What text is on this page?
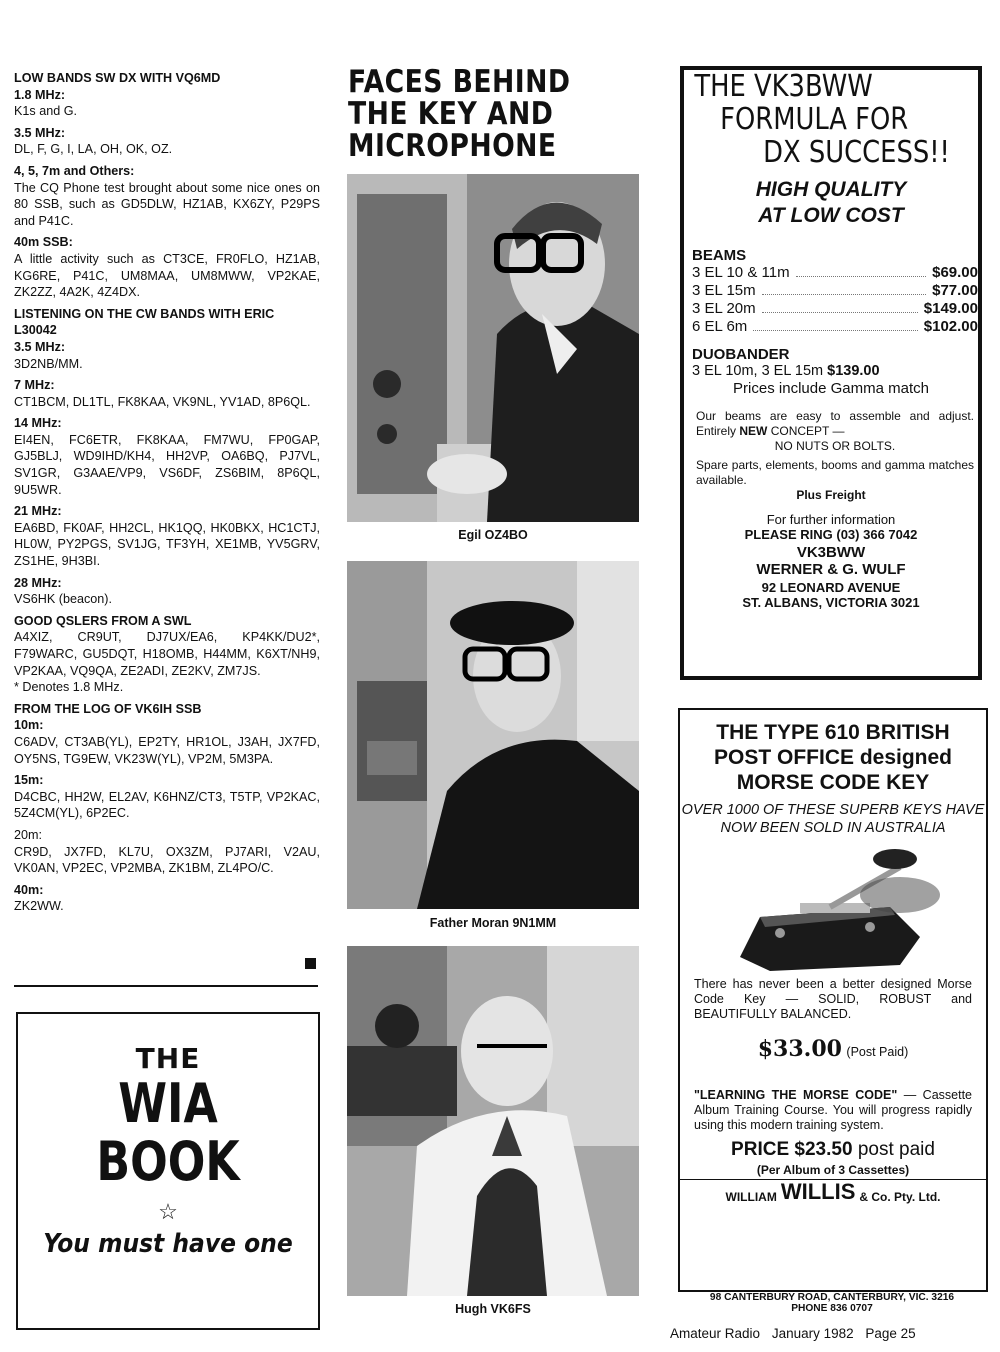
LOW BANDS SW DX WITH VQ6MD
1.8 MHz:
K1s and G.
3.5 MHz:
DL, F, G, I, LA, OH, OK, OZ.
4, 5, 7m and Others:
The CQ Phone test brought about some nice ones on 80 SSB, such as GD5DLW, HZ1AB, KX6ZY, P29PS and P41C.
40m SSB:
A little activity such as CT3CE, FR0FLO, HZ1AB, KG6RE, P41C, UM8MAA, UM8MWW, VP2KAE, ZK2ZZ, 4A2K, 4Z4DX.
LISTENING ON THE CW BANDS WITH ERIC L30042
3.5 MHz:
3D2NB/MM.
7 MHz:
CT1BCM, DL1TL, FK8KAA, VK9NL, YV1AD, 8P6QL.
14 MHz:
EI4EN, FC6ETR, FK8KAA, FM7WU, FP0GAP, GJ5BLJ, WD9IHD/KH4, HH2VP, OA6BQ, PJ7VL, SV1GR, G3AAE/VP9, VS6DF, ZS6BIM, 8P6QL, 9U5WR.
21 MHz:
EA6BD, FK0AF, HH2CL, HK1QQ, HK0BKX, HC1CTJ, HL0W, PY2PGS, SV1JG, TF3YH, XE1MB, YV5GRV, ZS1HE, 9H3BI.
28 MHz:
VS6HK (beacon).
GOOD QSLERS FROM A SWL
A4XIZ, CR9UT, DJ7UX/EA6, KP4KK/DU2*, F79WARC, GU5DQT, H18OMB, H44MM, K6XT/NH9, VP2KAA, VQ9QA, ZE2ADI, ZE2KV, ZM7JS.
* Denotes 1.8 MHz.
FROM THE LOG OF VK6IH SSB
10m:
C6ADV, CT3AB(YL), EP2TY, HR1OL, J3AH, JX7FD, OY5NS, TG9EW, VK23W(YL), VP2M, 5M3PA.
15m:
D4CBC, HH2W, EL2AV, K6HNZ/CT3, T5TP, VP2KAC, 5Z4CM(YL), 6P2EC.
20m:
CR9D, JX7FD, KL7U, OX3ZM, PJ7ARI, V2AU, VK0AN, VP2EC, VP2MBA, ZK1BM, ZL4PO/C.
40m:
ZK2WW.
THE
WIA
BOOK
☆
You must have one
FACES BEHIND
THE KEY AND
MICROPHONE
Egil OZ4BO
Father Moran 9N1MM
Hugh VK6FS
THE VK3BWW
FORMULA FOR
DX SUCCESS!!
HIGH QUALITY
AT LOW COST
BEAMS
3 EL 10 & 11m	$69.00
3 EL 15m	$77.00
3 EL 20m	$149.00
6 EL 6m	$102.00
DUOBANDER
3 EL 10m, 3 EL 15m $139.00
Prices include Gamma match
Our beams are easy to assemble and adjust. Entirely NEW CONCEPT —
NO NUTS OR BOLTS.
Spare parts, elements, booms and gamma matches available.
Plus Freight
For further information
PLEASE RING (03) 366 7042
VK3BWW
WERNER & G. WULF
92 LEONARD AVENUE
ST. ALBANS, VICTORIA 3021
THE TYPE 610 BRITISH
POST OFFICE designed
MORSE CODE KEY
OVER 1000 OF THESE SUPERB KEYS HAVE NOW BEEN SOLD IN AUSTRALIA
There has never been a better designed Morse Code Key — SOLID, ROBUST and BEAUTIFULLY BALANCED.
$33.00 (Post Paid)
"LEARNING THE MORSE CODE" — Cassette Album Training Course. You will progress rapidly using this modern training system.
PRICE $23.50 post paid
(Per Album of 3 Cassettes)
WILLIAM WILLIS & Co. Pty. Ltd.
98 CANTERBURY ROAD, CANTERBURY, VIC. 3216
PHONE 836 0707
Amateur Radio January 1982 Page 25
